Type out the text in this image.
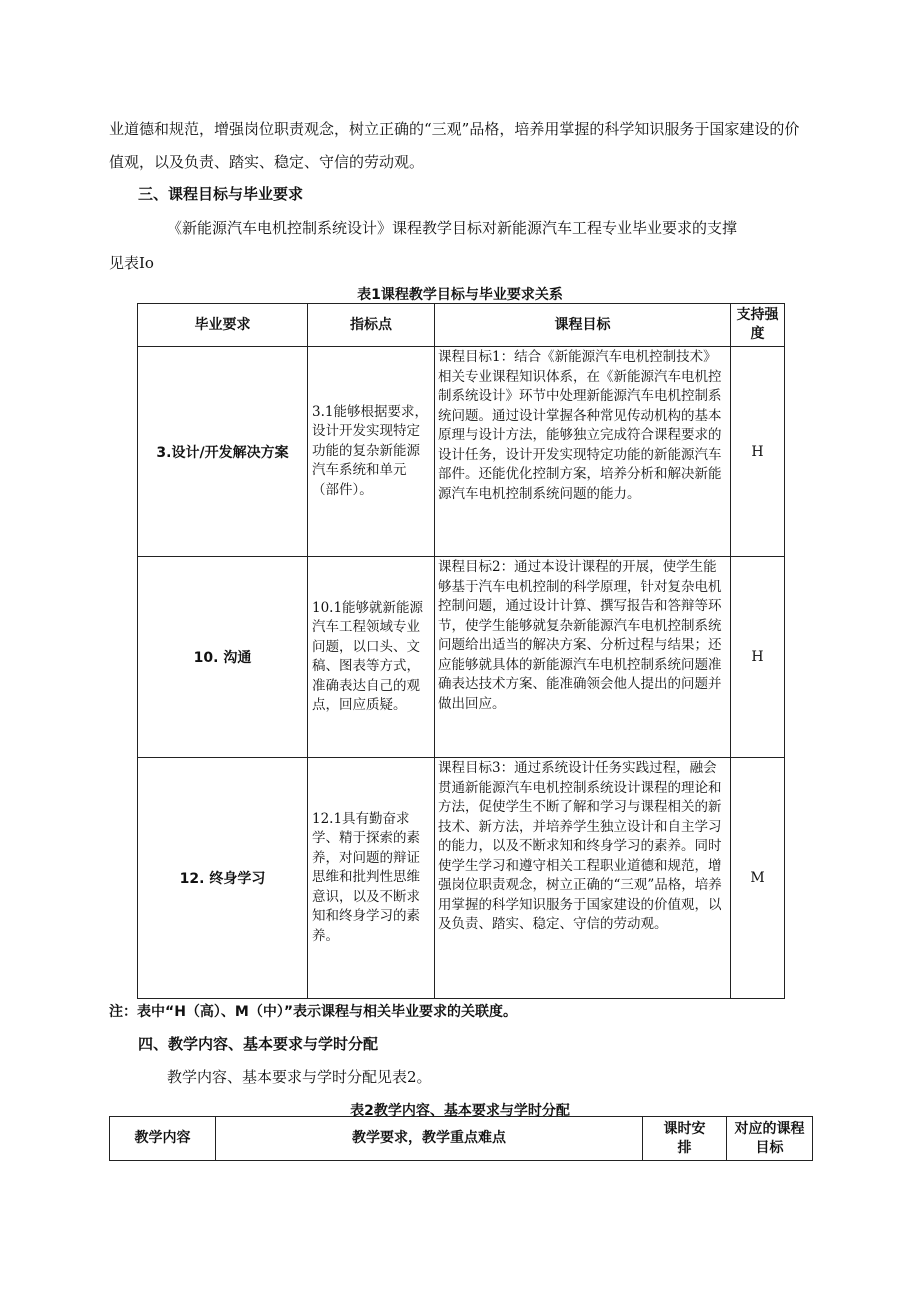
业道德和规范，增强岗位职责观念，树立正确的“三观”品格，培养用掌握的科学知识服务于国家建设的价值观，以及负责、踏实、稳定、守信的劳动观。

三、课程目标与毕业要求

《新能源汽车电机控制系统设计》课程教学目标对新能源汽车工程专业毕业要求的支撑

见表Io

表1课程教学目标与毕业要求关系

毕业要求	指标点	课程目标	支持强度
3.设计/开发解决方案	3.1能够根据要求，设计开发实现特定功能的复杂新能源汽车系统和单元（部件）。	课程目标1：结合《新能源汽车电机控制技术》相关专业课程知识体系，在《新能源汽车电机控制系统设计》环节中处理新能源汽车电机控制系统问题。通过设计掌握各种常见传动机构的基本原理与设计方法，能够独立完成符合课程要求的设计任务，设计开发实现特定功能的新能源汽车部件。还能优化控制方案，培养分析和解决新能源汽车电机控制系统问题的能力。	H
10. 沟通	10.1能够就新能源汽车工程领域专业问题，以口头、文稿、图表等方式，准确表达自己的观点，回应质疑。	课程目标2：通过本设计课程的开展，使学生能够基于汽车电机控制的科学原理，针对复杂电机控制问题，通过设计计算、撰写报告和答辩等环节，使学生能够就复杂新能源汽车电机控制系统问题给出适当的解决方案、分析过程与结果；还应能够就具体的新能源汽车电机控制系统问题准确表达技术方案、能准确领会他人提出的问题并做出回应。	H
12. 终身学习	12.1具有勤奋求学、精于探索的素养，对问题的辩证思维和批判性思维意识，以及不断求知和终身学习的素养。	课程目标3：通过系统设计任务实践过程，融会贯通新能源汽车电机控制系统设计课程的理论和方法，促使学生不断了解和学习与课程相关的新技术、新方法，并培养学生独立设计和自主学习的能力，以及不断求知和终身学习的素养。同时使学生学习和遵守相关工程职业道德和规范，增强岗位职责观念，树立正确的“三观”品格，培养用掌握的科学知识服务于国家建设的价值观，以及负责、踏实、稳定、守信的劳动观。	M

注：表中“H（高）、M（中）”表示课程与相关毕业要求的关联度。

四、教学内容、基本要求与学时分配

教学内容、基本要求与学时分配见表2。

表2教学内容、基本要求与学时分配

教学内容	教学要求，教学重点难点	课时安排	对应的课程目标
